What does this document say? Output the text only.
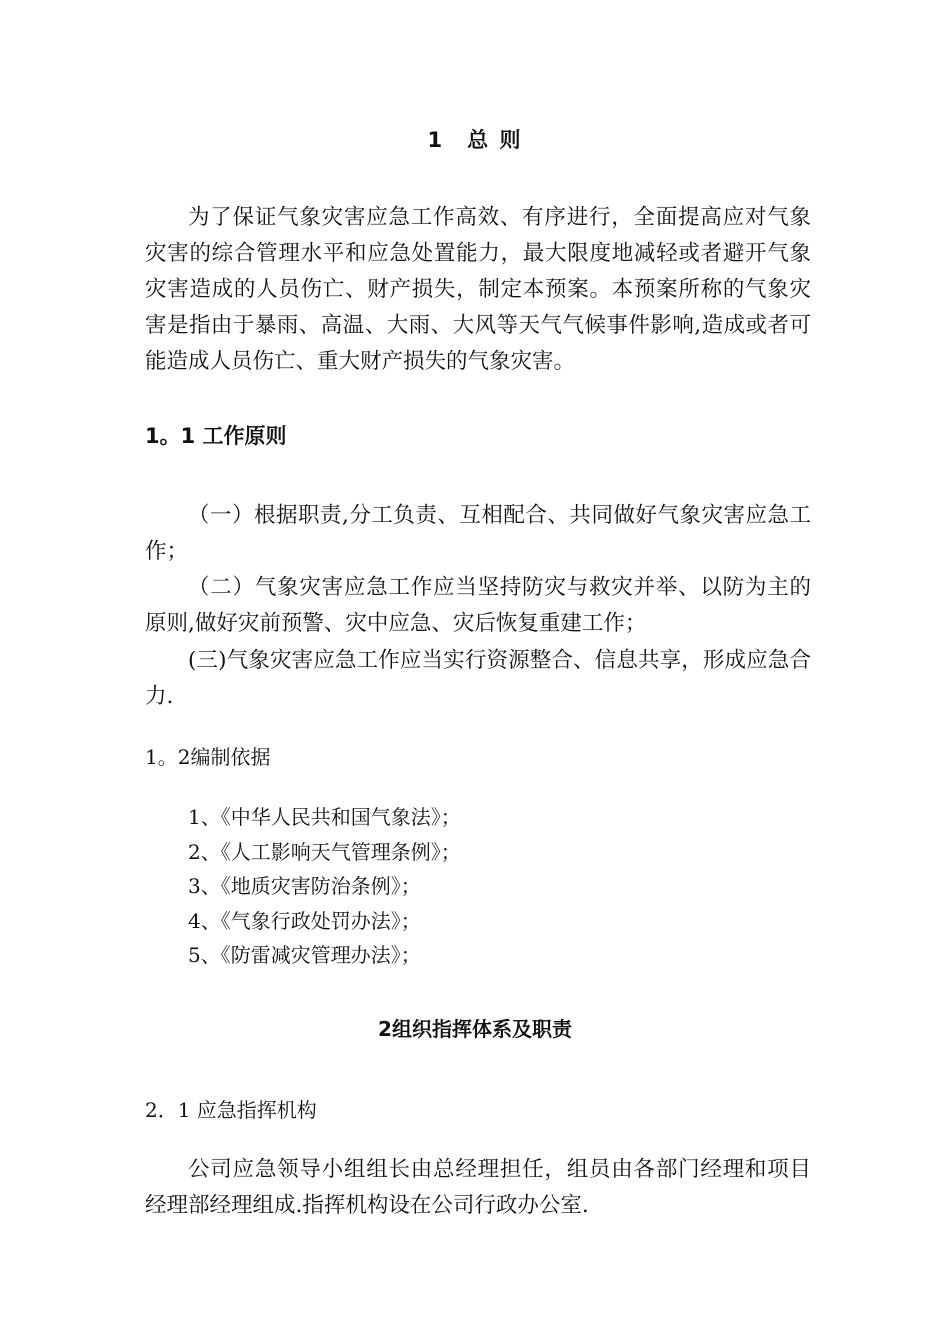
1　总 则

为了保证气象灾害应急工作高效、有序进行，全面提高应对气象灾害的综合管理水平和应急处置能力，最大限度地减轻或者避开气象灾害造成的人员伤亡、财产损失，制定本预案。本预案所称的气象灾害是指由于暴雨、高温、大雨、大风等天气气候事件影响,造成或者可能造成人员伤亡、重大财产损失的气象灾害。

1。1 工作原则

（一）根据职责,分工负责、互相配合、共同做好气象灾害应急工作；

（二）气象灾害应急工作应当坚持防灾与救灾并举、以防为主的原则,做好灾前预警、灾中应急、灾后恢复重建工作；

(三)气象灾害应急工作应当实行资源整合、信息共享，形成应急合力.

1。2编制依据
1、《中华人民共和国气象法》；
2、《人工影响天气管理条例》；
3、《地质灾害防治条例》；
4、《气象行政处罚办法》；
5、《防雷减灾管理办法》；
2组织指挥体系及职责
2．1 应急指挥机构

公司应急领导小组组长由总经理担任，组员由各部门经理和项目经理部经理组成.指挥机构设在公司行政办公室.
